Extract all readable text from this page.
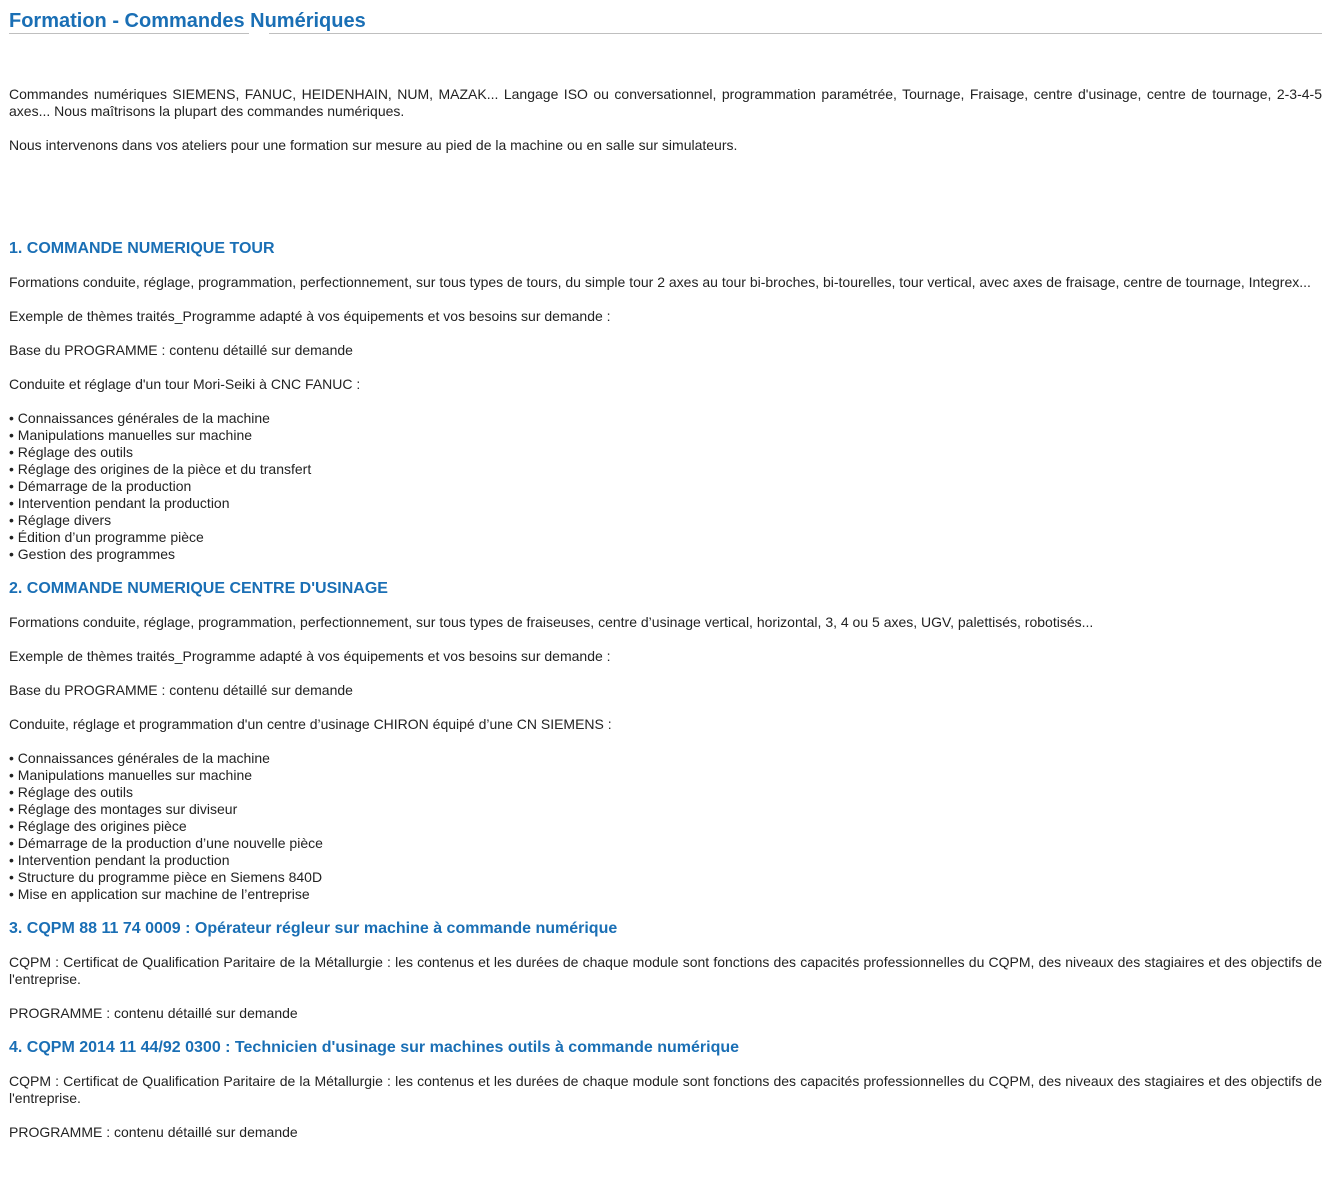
Formation - Commandes Numériques

Commandes numériques SIEMENS, FANUC, HEIDENHAIN, NUM, MAZAK... Langage ISO ou conversationnel, programmation paramétrée, Tournage, Fraisage, centre d'usinage, centre de tournage, 2-3-4-5 axes... Nous maîtrisons la plupart des commandes numériques.

Nous intervenons dans vos ateliers pour une formation sur mesure au pied de la machine ou en salle sur simulateurs.

1. COMMANDE NUMERIQUE TOUR

Formations conduite, réglage, programmation, perfectionnement, sur tous types de tours, du simple tour 2 axes au tour bi-broches, bi-tourelles, tour vertical, avec axes de fraisage, centre de tournage, Integrex...

Exemple de thèmes traités_Programme adapté à vos équipements et vos besoins sur demande :

Base du PROGRAMME : contenu détaillé sur demande

Conduite et réglage d'un tour Mori-Seiki à CNC FANUC :

• Connaissances générales de la machine
• Manipulations manuelles sur machine
• Réglage des outils
• Réglage des origines de la pièce et du transfert
• Démarrage de la production
• Intervention pendant la production
• Réglage divers
• Édition d’un programme pièce
• Gestion des programmes
2. COMMANDE NUMERIQUE CENTRE D'USINAGE

Formations conduite, réglage, programmation, perfectionnement, sur tous types de fraiseuses, centre d’usinage vertical, horizontal, 3, 4 ou 5 axes, UGV, palettisés, robotisés...

Exemple de thèmes traités_Programme adapté à vos équipements et vos besoins sur demande :

Base du PROGRAMME : contenu détaillé sur demande

Conduite, réglage et programmation d'un centre d’usinage CHIRON équipé d’une CN SIEMENS :

• Connaissances générales de la machine
• Manipulations manuelles sur machine
• Réglage des outils
• Réglage des montages sur diviseur
• Réglage des origines pièce
• Démarrage de la production d’une nouvelle pièce
• Intervention pendant la production
• Structure du programme pièce en Siemens 840D
• Mise en application sur machine de l’entreprise
3. CQPM 88 11 74 0009 : Opérateur régleur sur machine à commande numérique

CQPM : Certificat de Qualification Paritaire de la Métallurgie : les contenus et les durées de chaque module sont fonctions des capacités professionnelles du CQPM, des niveaux des stagiaires et des objectifs de l'entreprise.

PROGRAMME : contenu détaillé sur demande

4. CQPM 2014 11 44/92 0300 : Technicien d'usinage sur machines outils à commande numérique

CQPM : Certificat de Qualification Paritaire de la Métallurgie : les contenus et les durées de chaque module sont fonctions des capacités professionnelles du CQPM, des niveaux des stagiaires et des objectifs de l'entreprise.

PROGRAMME : contenu détaillé sur demande
